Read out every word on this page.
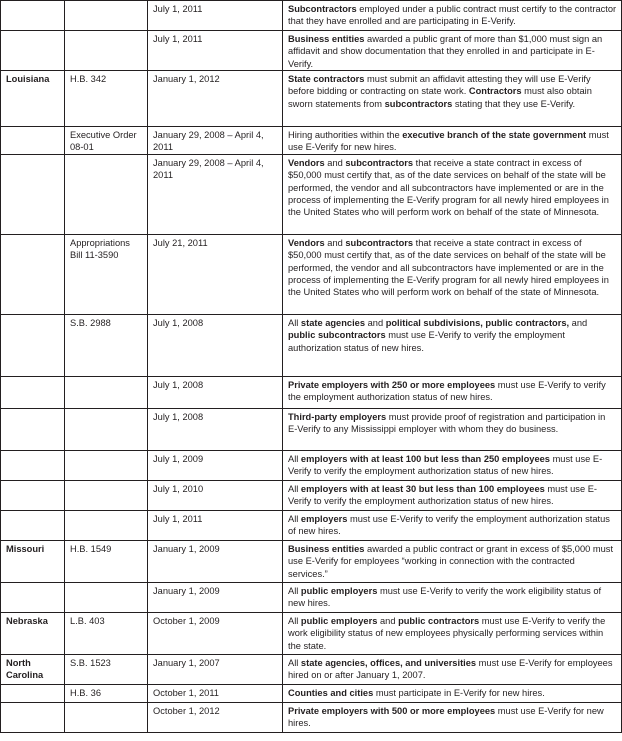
		July 1, 2011	Subcontractors employed under a public contract must certify to the contractor that they have enrolled and are participating in E-Verify.
		July 1, 2011	Business entities awarded a public grant of more than $1,000 must sign an affidavit and show documentation that they enrolled in and participate in E-Verify.
Louisiana	H.B. 342	January 1, 2012	State contractors must submit an affidavit attesting they will use E-Verify before bidding or contracting on state work. Contractors must also obtain sworn statements from subcontractors stating that they use E-Verify.
	Executive Order 08-01	January 29, 2008 – April 4, 2011	Hiring authorities within the executive branch of the state government must use E-Verify for new hires.
		January 29, 2008 – April 4, 2011	Vendors and subcontractors that receive a state contract in excess of $50,000 must certify that, as of the date services on behalf of the state will be performed, the vendor and all subcontractors have implemented or are in the process of implementing the E-Verify program for all newly hired employees in the United States who will perform work on behalf of the state of Minnesota.
	Appropriations Bill 11-3590	July 21, 2011	Vendors and subcontractors that receive a state contract in excess of $50,000 must certify that, as of the date services on behalf of the state will be performed, the vendor and all subcontractors have implemented or are in the process of implementing the E-Verify program for all newly hired employees in the United States who will perform work on behalf of the state of Minnesota.
	S.B. 2988	July 1, 2008	All state agencies and political subdivisions, public contractors, and public subcontractors must use E-Verify to verify the employment authorization status of new hires.
		July 1, 2008	Private employers with 250 or more employees must use E-Verify to verify the employment authorization status of new hires.
		July 1, 2008	Third-party employers must provide proof of registration and participation in E-Verify to any Mississippi employer with whom they do business.
		July 1, 2009	All employers with at least 100 but less than 250 employees must use E-Verify to verify the employment authorization status of new hires.
		July 1, 2010	All employers with at least 30 but less than 100 employees must use E-Verify to verify the employment authorization status of new hires.
		July 1, 2011	All employers must use E-Verify to verify the employment authorization status of new hires.
Missouri	H.B. 1549	January 1, 2009	Business entities awarded a public contract or grant in excess of $5,000 must use E-Verify for employees “working in connection with the contracted services.”
		January 1, 2009	All public employers must use E-Verify to verify the work eligibility status of new hires.
Nebraska	L.B. 403	October 1, 2009	All public employers and public contractors must use E-Verify to verify the work eligibility status of new employees physically performing services within the state.
North Carolina	S.B. 1523	January 1, 2007	All state agencies, offices, and universities must use E-Verify for employees hired on or after January 1, 2007.
	H.B. 36	October 1, 2011	Counties and cities must participate in E-Verify for new hires.
		October 1, 2012	Private employers with 500 or more employees must use E-Verify for new hires.
